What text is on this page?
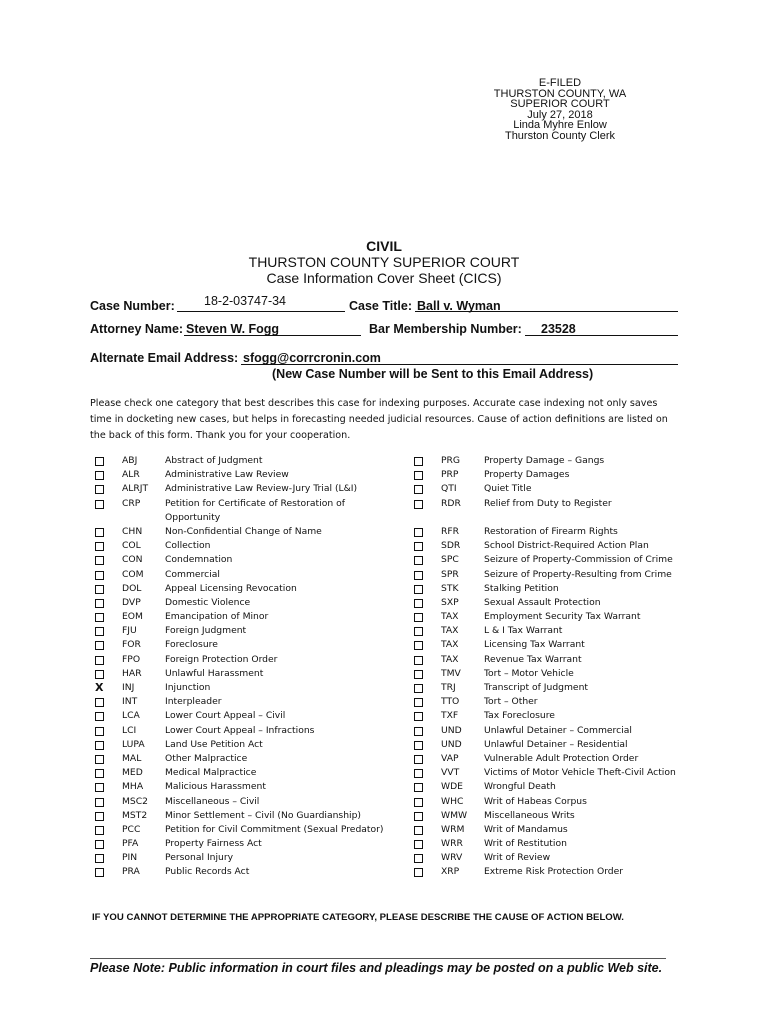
E-FILED
THURSTON COUNTY, WA
SUPERIOR COURT
July 27, 2018
Linda Myhre Enlow
Thurston County Clerk
CIVIL
THURSTON COUNTY SUPERIOR COURT
Case Information Cover Sheet (CICS)
Case Number: 18-2-03747-34	Case Title: Ball v. Wyman
Attorney Name: Steven W. Fogg	Bar Membership Number: 23528
Alternate Email Address: sfogg@corrcronin.com
(New Case Number will be Sent to this Email Address)
Please check one category that best describes this case for indexing purposes. Accurate case indexing not only saves time in docketing new cases, but helps in forecasting needed judicial resources. Cause of action definitions are listed on the back of this form. Thank you for your cooperation.
ABJ	Abstract of Judgment
ALR	Administrative Law Review
ALRJT Administrative Law Review-Jury Trial (L&I)
CRP	Petition for Certificate of Restoration of Opportunity
CHN Non-Confidential Change of Name
COL	Collection
CON Condemnation
COM Commercial
DOL	Appeal Licensing Revocation
DVP	Domestic Violence
EOM Emancipation of Minor
FJU	Foreign Judgment
FOR	Foreclosure
FPO	Foreign Protection Order
HAR	Unlawful Harassment
X	INJ	Injunction
INT	Interpleader
LCA	Lower Court Appeal – Civil
LCI	Lower Court Appeal – Infractions
LUPA Land Use Petition Act
MAL	Other Malpractice
MED Medical Malpractice
MHA Malicious Harassment
MSC2 Miscellaneous – Civil
MST2 Minor Settlement – Civil (No Guardianship)
PCC	Petition for Civil Commitment (Sexual Predator)
PFA	Property Fairness Act
PIN	Personal Injury
PRA	Public Records Act
PRG	Property Damage – Gangs
PRP	Property Damages
QTI	Quiet Title
RDR	Relief from Duty to Register
RFR	Restoration of Firearm Rights
SDR	School District-Required Action Plan
SPC	Seizure of Property-Commission of Crime
SPR	Seizure of Property-Resulting from Crime
STK	Stalking Petition
SXP	Sexual Assault Protection
TAX	Employment Security Tax Warrant
TAX	L & I Tax Warrant
TAX	Licensing Tax Warrant
TAX	Revenue Tax Warrant
TMV	Tort – Motor Vehicle
TRJ	Transcript of Judgment
TTO	Tort – Other
TXF	Tax Foreclosure
UND Unlawful Detainer – Commercial
UND Unlawful Detainer – Residential
VAP	Vulnerable Adult Protection Order
VVT	Victims of Motor Vehicle Theft-Civil Action
WDE Wrongful Death
WHC Writ of Habeas Corpus
WMW Miscellaneous Writs
WRM Writ of Mandamus
WRR Writ of Restitution
WRV Writ of Review
XRP	Extreme Risk Protection Order
IF YOU CANNOT DETERMINE THE APPROPRIATE CATEGORY, PLEASE DESCRIBE THE CAUSE OF ACTION BELOW.
Please Note: Public information in court files and pleadings may be posted on a public Web site.
